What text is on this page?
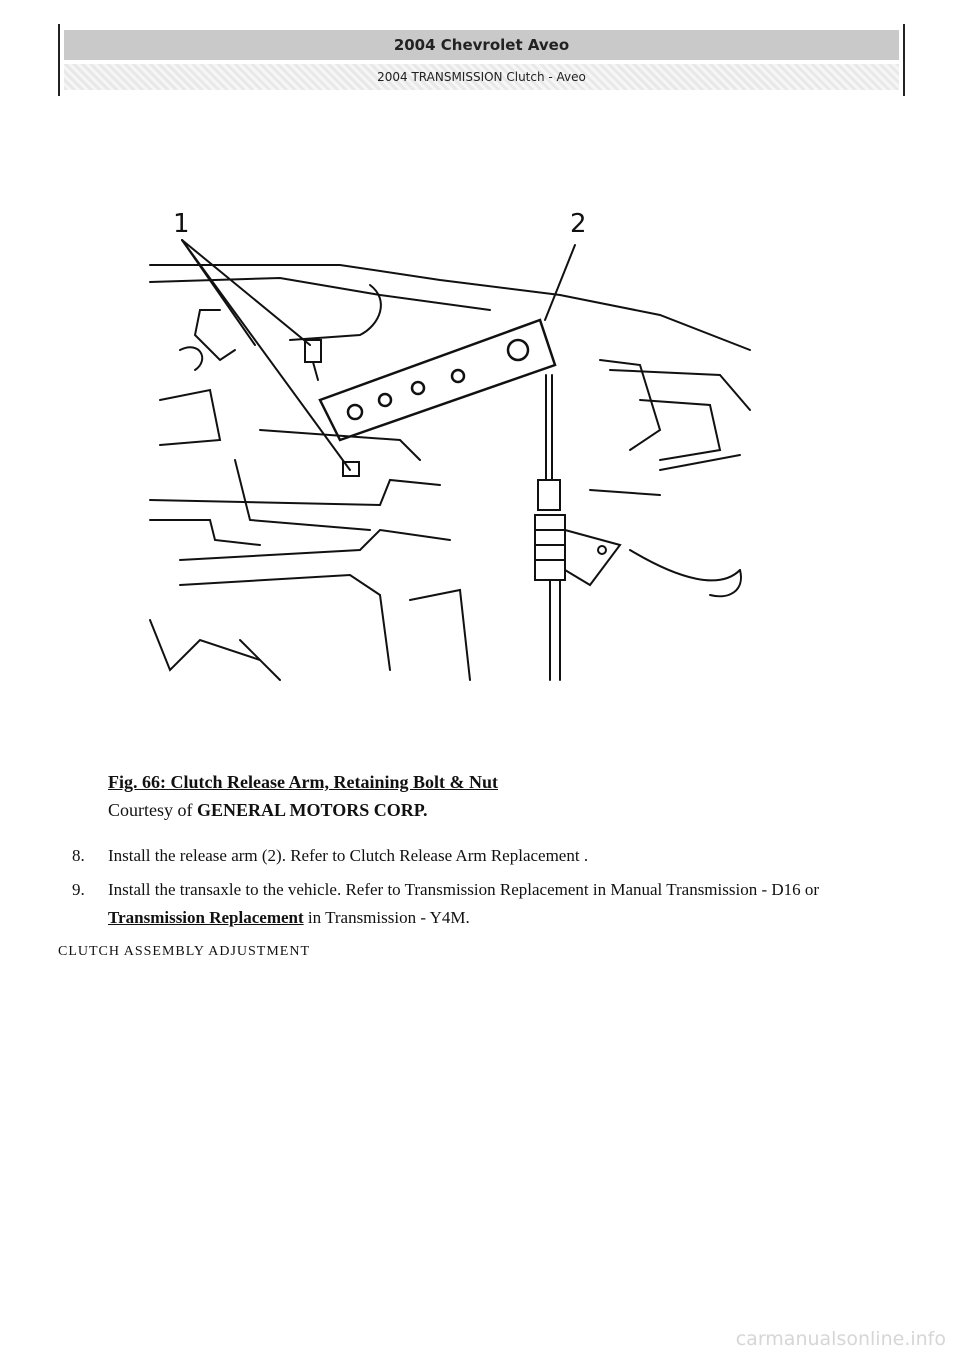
2004 Chevrolet Aveo
2004 TRANSMISSION Clutch - Aveo
1	2
Fig. 66: Clutch Release Arm, Retaining Bolt & Nut
Courtesy of GENERAL MOTORS CORP.
8.	Install the release arm (2). Refer to Clutch Release Arm Replacement .
9.	Install the transaxle to the vehicle. Refer to Transmission Replacement in Manual Transmission - D16 or Transmission Replacement in Transmission - Y4M.
CLUTCH ASSEMBLY ADJUSTMENT
carmanualsonline.info
